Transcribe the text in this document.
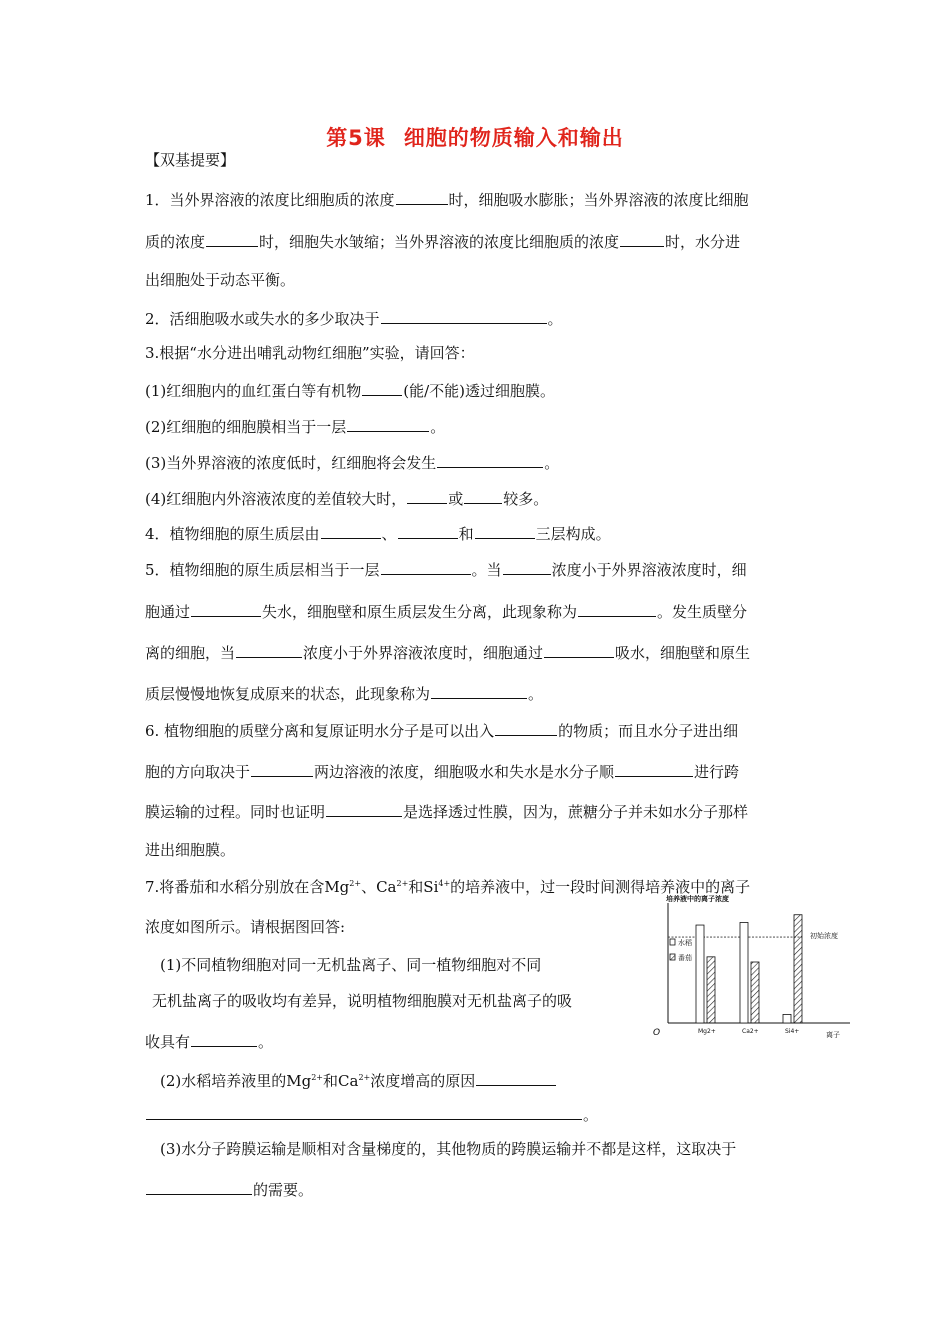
第5课 细胞的物质输入和输出
【双基提要】
1．当外界溶液的浓度比细胞质的浓度	时，细胞吸水膨胀；当外界溶液的浓度比细胞
质的浓度	时，细胞失水皱缩；当外界溶液的浓度比细胞质的浓度	时，水分进
出细胞处于动态平衡。
2．活细胞吸水或失水的多少取决于	。
3.根据“水分进出哺乳动物红细胞”实验，请回答：
(1)红细胞内的血红蛋白等有机物	(能/不能)透过细胞膜。
(2)红细胞的细胞膜相当于一层	。
(3)当外界溶液的浓度低时，红细胞将会发生	。
(4)红细胞内外溶液浓度的差值较大时，	或	较多。
4．植物细胞的原生质层由	、	和	三层构成。
5．植物细胞的原生质层相当于一层	。当	浓度小于外界溶液浓度时，细
胞通过	失水，细胞壁和原生质层发生分离，此现象称为	。发生质壁分
离的细胞，当	浓度小于外界溶液浓度时，细胞通过	吸水，细胞壁和原生
质层慢慢地恢复成原来的状态，此现象称为	。
6. 植物细胞的质壁分离和复原证明水分子是可以出入	的物质；而且水分子进出细
胞的方向取决于	两边溶液的浓度，细胞吸水和失水是水分子顺	进行跨
膜运输的过程。同时也证明	是选择透过性膜，因为，蔗糖分子并未如水分子那样
进出细胞膜。
7.将番茄和水稻分别放在含$Mg^{2+}$、$Ca^{2+}$和$Si^{4+}$的培养液中，过一段时间测得培养液中的离子
浓度如图所示。请根据图回答:
(1)不同植物细胞对同一无机盐离子、同一植物细胞对不同
无机盐离子的吸收均有差异，说明植物细胞膜对无机盐离子的吸
收具有	。
(2)水稻培养液里的$Mg^{2+}$和$Ca^{2+}$浓度增高的原因
。
(3)水分子跨膜运输是顺相对含量梯度的，其他物质的跨膜运输并不都是这样，这取决于
的需要。
培养液中的离子浓度
O	离子
初始浓度
水稻
番茄
Mg2+	Ca2+	Si4+
